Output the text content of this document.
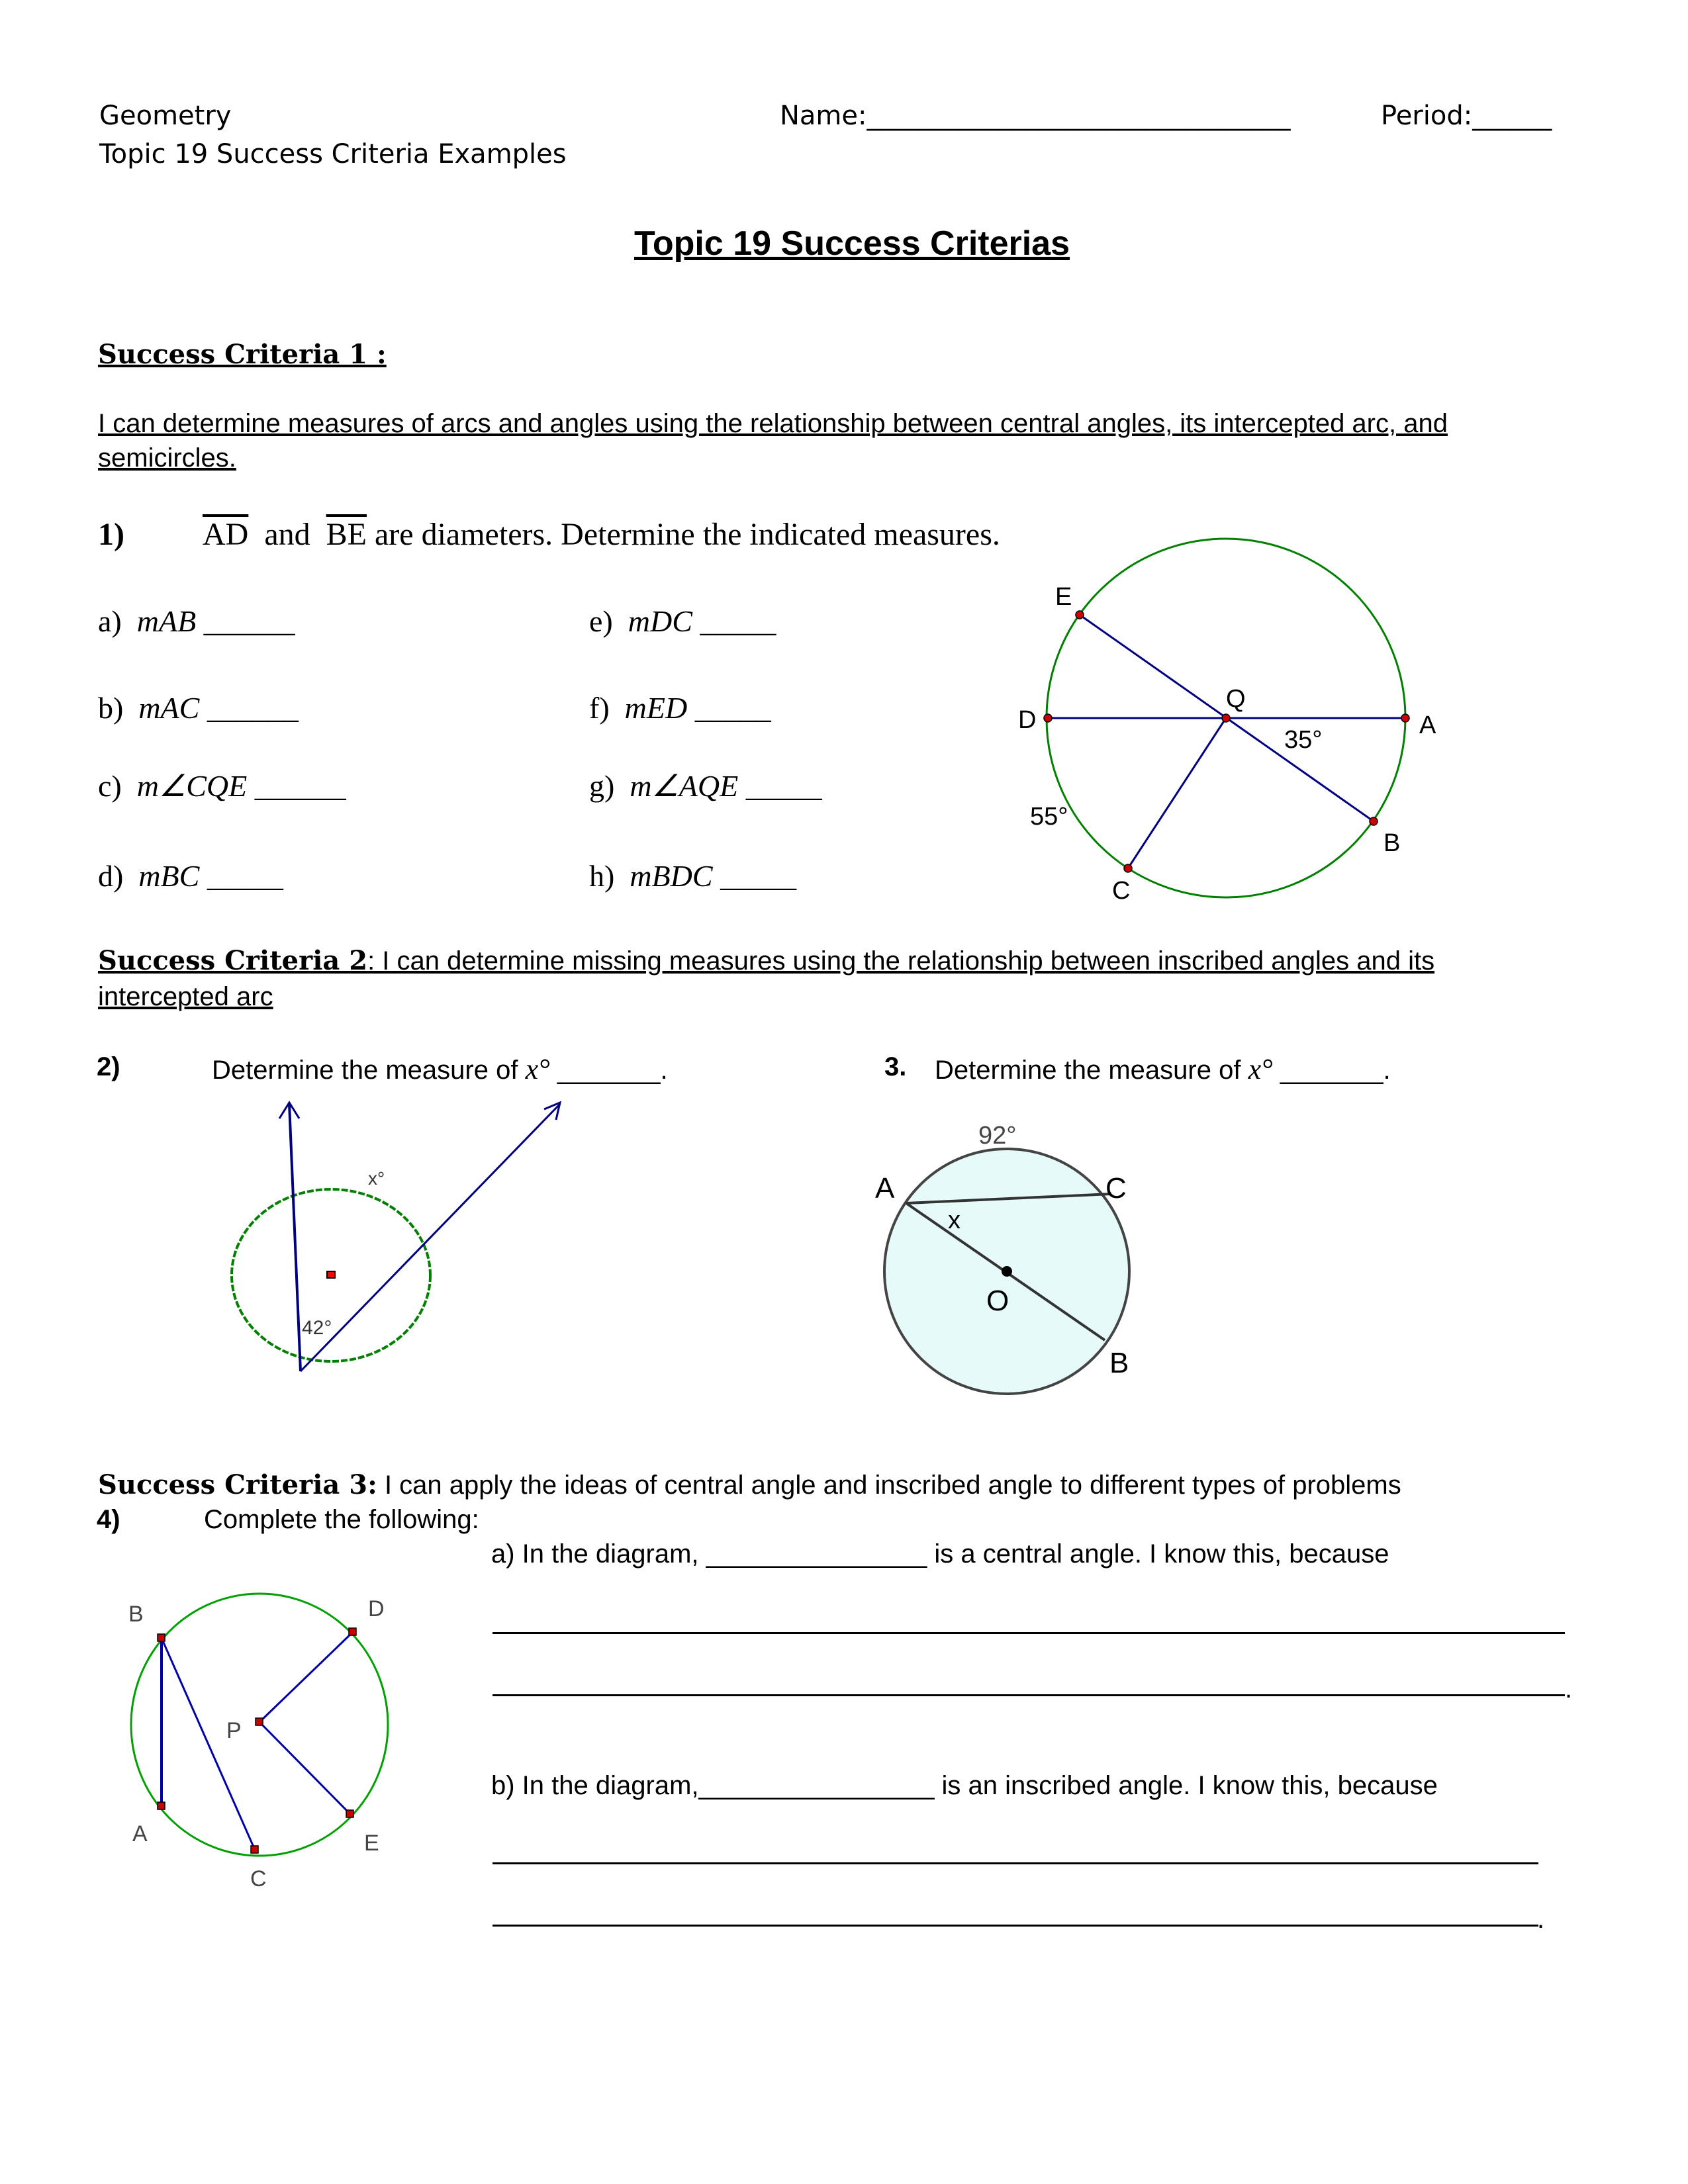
Geometry
Topic 19 Success Criteria Examples
Name:________________________________	Period:______
Topic 19 Success Criterias
Success Criteria 1 :
I can determine measures of arcs and angles using the relationship between central angles, its intercepted arc, and
semicircles.
1) $\overline{AD}$ and $\overline{BE}$ are diameters. Determine the indicated measures.
a) mAB ______
b) mAC ______
c) m∠CQE ______
d) mBC _____
e) mDC _____
f) mED _____
g) m∠AQE _____
h) mBDC _____
Success Criteria 2: I can determine missing measures using the relationship between inscribed angles and its
intercepted arc
2)	Determine the measure of x° _______.	3. Determine the measure of x° _______.
Success Criteria 3: I can apply the ideas of central angle and inscribed angle to different types of problems
4)	Complete the following:
a) In the diagram, _______________ is a central angle. I know this, because
.
b) In the diagram,________________ is an inscribed angle. I know this, because
.
E
Q
A
D
B
C
35°
55°
x°
42°
92°
A	C
x
O
B
B	D
P
A
C
E
